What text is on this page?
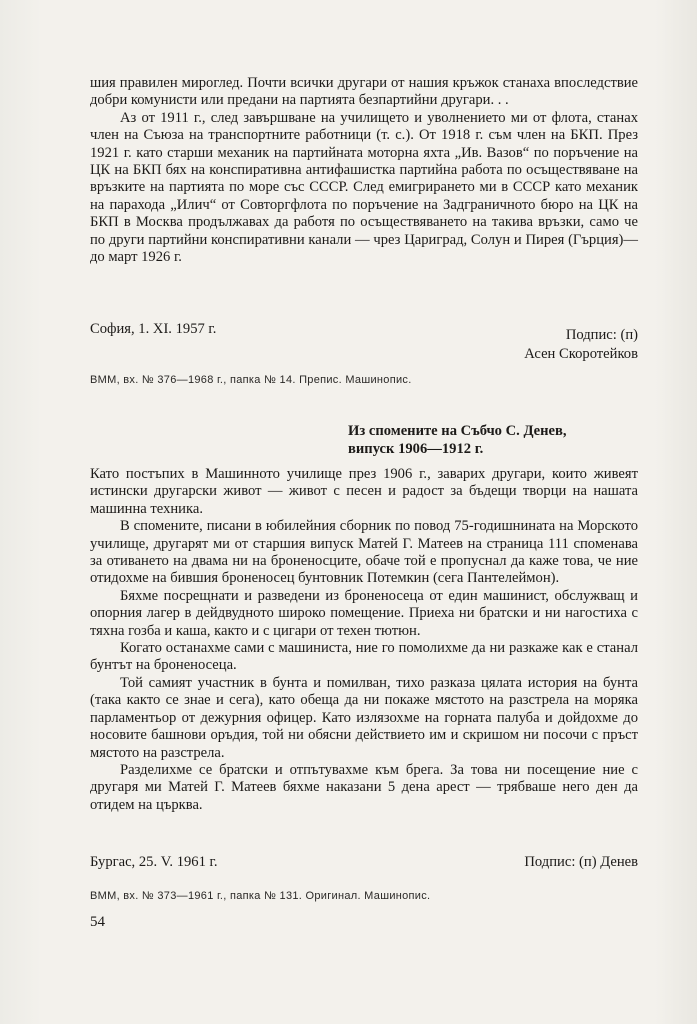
шия правилен мироглед. Почти всички другари от нашия кръжок станаха впоследствие добри комунисти или предани на партията безпартийни другари. . .

Аз от 1911 г., след завършване на училището и уволнението ми от флота, станах член на Съюза на транспортните работници (т. с.). От 1918 г. съм член на БКП. През 1921 г. като старши механик на партийната моторна яхта „Ив. Вазов“ по поръчение на ЦК на БКП бях на конспиративна антифашистка партийна работа по осъществяване на връзките на партията по море със СССР. След емигрирането ми в СССР като механик на парахода „Илич“ от Совторгфлота по поръчение на Задграничното бюро на ЦК на БКП в Москва продължавах да работя по осъществяването на такива връзки, само че по други партийни конспиративни канали — чрез Цариград, Солун и Пирея (Гърция)— до март 1926 г.

София, 1. XI. 1957 г.	Подпис: (п)
Асен Скоротейков
ВММ, вх. № 376—1968 г., папка № 14. Препис. Машинопис.
Из спомените на Събчо С. Денев,
випуск 1906—1912 г.

Като постъпих в Машинното училище през 1906 г., заварих другари, които живеят истински другарски живот — живот с песен и радост за бъдещи творци на нашата машинна техника.

В спомените, писани в юбилейния сборник по повод 75-годишнината на Морското училище, другарят ми от старшия випуск Матей Г. Матеев на страница 111 споменава за отиването на двама ни на броненосците, обаче той е пропуснал да каже това, че ние отидохме на бившия броненосец бунтовник Потемкин (сега Пантелеймон).

Бяхме посрещнати и разведени из броненосеца от един машинист, обслужващ и опорния лагер в дейдвудното широко помещение. Приеха ни братски и ни нагостиха с тяхна гозба и каша, както и с цигари от техен тютюн.

Когато останахме сами с машиниста, ние го помолихме да ни разкаже как е станал бунтът на броненосеца.

Той самият участник в бунта и помилван, тихо разказа цялата история на бунта (така както се знае и сега), като обеща да ни покаже мястото на разстрела на моряка парламентьор от дежурния офицер. Като излязохме на горната палуба и дойдохме до носовите башнови оръдия, той ни обясни действието им и скришом ни посочи с пръст мястото на разстрела.

Разделихме се братски и отпътувахме към брега. За това ни посещение ние с другаря ми Матей Г. Матеев бяхме наказани 5 дена арест — трябваше него ден да отидем на църква.

Бургас, 25. V. 1961 г.	Подпис: (п) Денев
ВММ, вх. № 373—1961 г., папка № 131. Оригинал. Машинопис.
54
